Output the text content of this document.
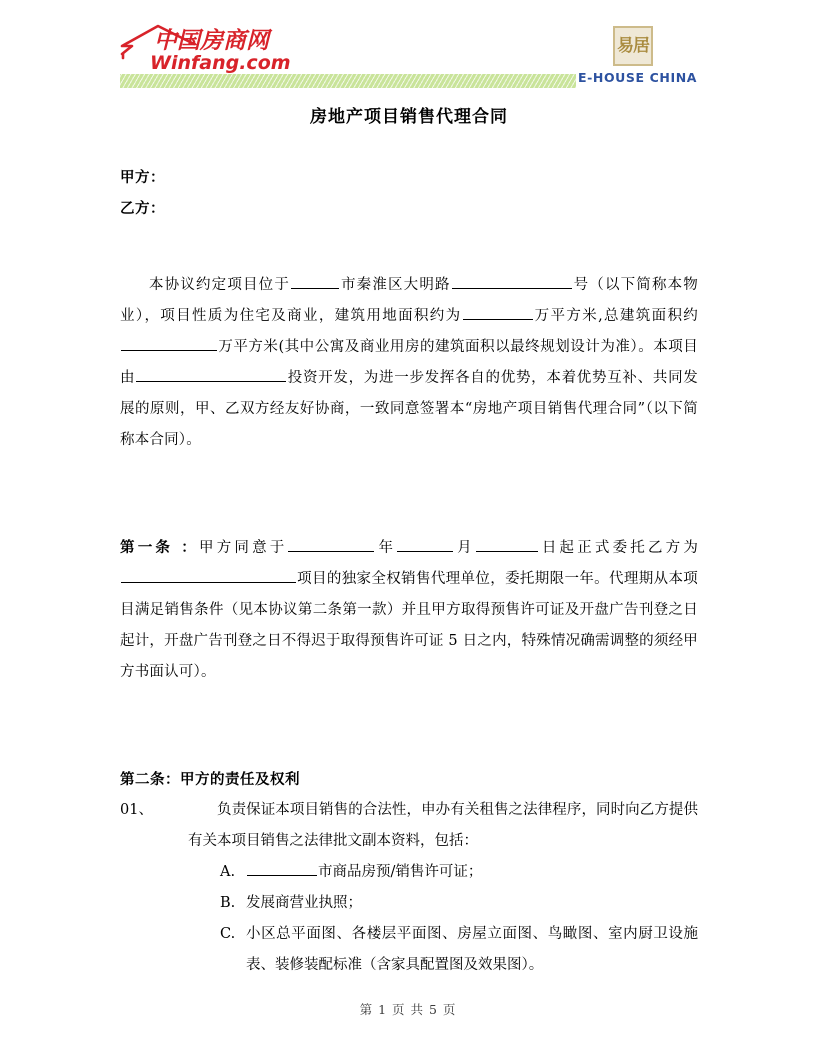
中国房商网
Winfang.com
易居
E-HOUSE CHINA
房地产项目销售代理合同
甲方：
乙方：
本协议约定项目位于	市秦淮区大明路	号（以下简称本物业），项目性质为住宅及商业，建筑用地面积约为	万平方米,总建筑面积约万平方米(其中公寓及商业用房的建筑面积以最终规划设计为准）。本项目由	投资开发，为进一步发挥各自的优势，本着优势互补、共同发展的原则，甲、乙双方经友好协商，一致同意签署本“房地产项目销售代理合同”（以下简称本合同）。
第一条 ：甲方同意于	年	月	日起正式委托乙方为项目的独家全权销售代理单位，委托期限一年。代理期从本项目满足销售条件（见本协议第二条第一款）并且甲方取得预售许可证及开盘广告刊登之日起计，开盘广告刊登之日不得迟于取得预售许可证 5 日之内，特殊情况确需调整的须经甲方书面认可）。
第二条：甲方的责任及权利
01、	负责保证本项目销售的合法性，申办有关租售之法律程序，同时向乙方提供有关本项目销售之法律批文副本资料，包括：
A.	市商品房预/销售许可证；
B. 发展商营业执照；
C. 小区总平面图、各楼层平面图、房屋立面图、鸟瞰图、室内厨卫设施表、装修装配标准（含家具配置图及效果图）。
第 1 页 共 5 页
